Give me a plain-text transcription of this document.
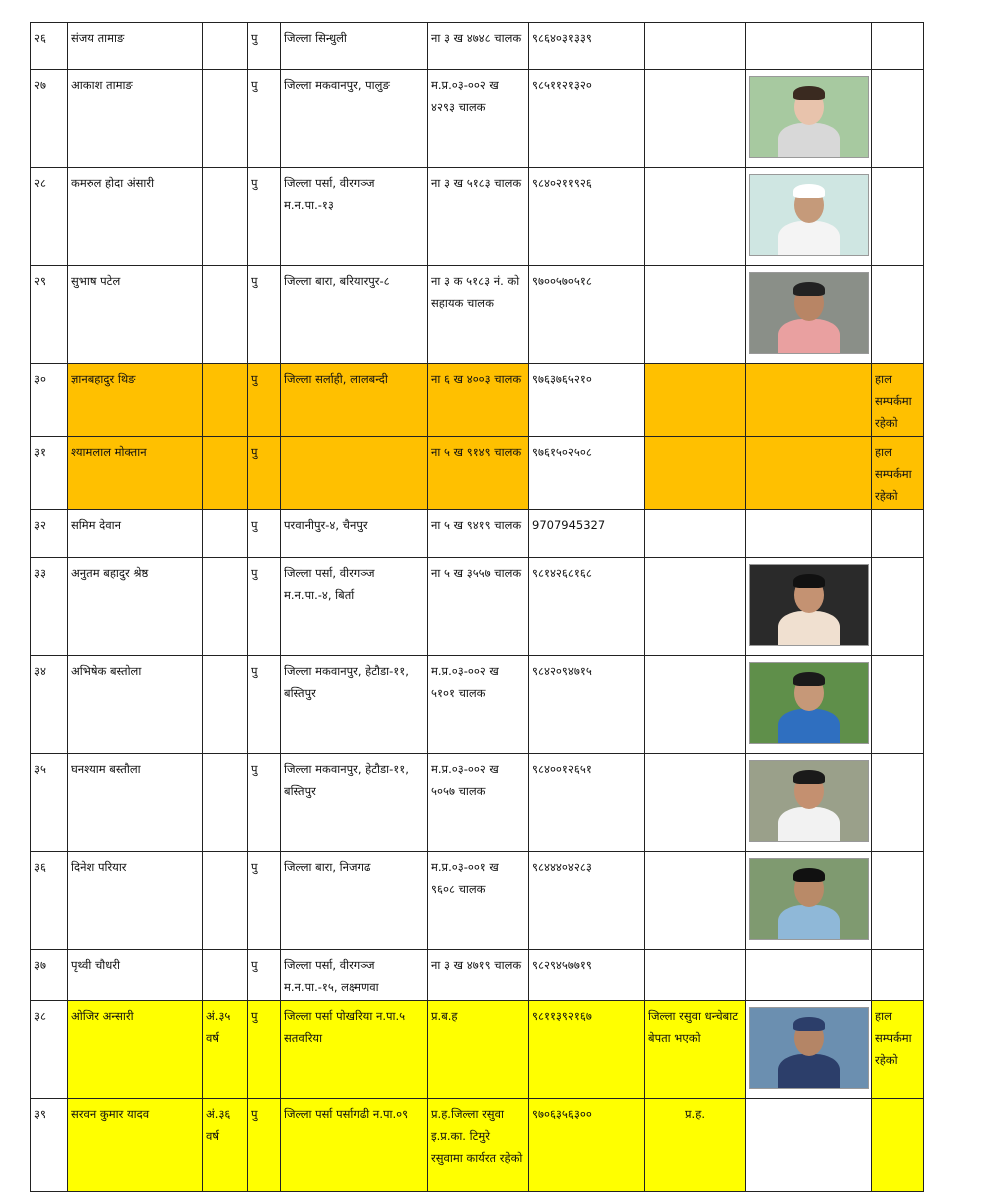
२६	संजय तामाङ		पु	जिल्ला सिन्धुली	ना ३ ख ४७४८ चालक	९८६४०३१३३९			
२७	आकाश तामाङ		पु	जिल्ला मकवानपुर, पालुङ	म.प्र.०३-००२ ख ४२९३ चालक	९८५११२१३२०		

२८	कमरुल होदा अंसारी		पु	जिल्ला पर्सा, वीरगञ्ज म.न.पा.-१३	ना ३ ख ५१८३ चालक	९८४०२११९२६		

२९	सुभाष पटेल		पु	जिल्ला बारा, बरियारपुर-८	ना ३ क ५१८३ नं. को सहायक चालक	९७००५७०५१८		

३०	ज्ञानबहादुर थिङ		पु	जिल्ला सर्लाही, लालबन्दी	ना ६ ख ४००३ चालक	९७६३७६५२१०			हाल सम्पर्कमा रहेको
३१	श्यामलाल मोक्तान		पु		ना ५ ख ९१४९ चालक	९७६१५०२५०८			हाल सम्पर्कमा रहेको
३२	समिम देवान		पु	परवानीपुर-४, चैनपुर	ना ५ ख ९४१९ चालक	9707945327			
३३	अनुतम बहादुर श्रेष्ठ		पु	जिल्ला पर्सा, वीरगञ्ज म.न.पा.-४, बिर्ता	ना ५ ख ३५५७ चालक	९८१४२६८१६८		

३४	अभिषेक बस्तोला		पु	जिल्ला मकवानपुर, हेटौडा-११, बस्तिपुर	म.प्र.०३-००२ ख ५१०१ चालक	९८४२०९४७१५		

३५	घनश्याम बस्तौला		पु	जिल्ला मकवानपुर, हेटौडा-११, बस्तिपुर	म.प्र.०३-००२ ख ५०५७ चालक	९८४००१२६५१		

३६	दिनेश परियार		पु	जिल्ला बारा, निजगढ	म.प्र.०३-००१ ख ९६०८ चालक	९८४४४०४२८३		

३७	पृथ्वी चौधरी		पु	जिल्ला पर्सा, वीरगञ्ज म.न.पा.-१५, लक्ष्मणवा	ना ३ ख ४७१९ चालक	९८२९४५७७१९			
३८	ओजिर अन्सारी	अं.३५ वर्ष	पु	जिल्ला पर्सा पोखरिया न.पा.५ सतवरिया	प्र.ब.ह	९८११३९२१६७	जिल्ला रसुवा धन्चेबाट बेपता भएको		हाल सम्पर्कमा रहेको
३९	सरवन कुमार यादव	अं.३६ वर्ष	पु	जिल्ला पर्सा पर्सागढी न.पा.०९	प्र.ह.जिल्ला रसुवा इ.प्र.का. टिमुरे रसुवामा कार्यरत रहेको	९७०६३५६३००	प्र.ह.		
